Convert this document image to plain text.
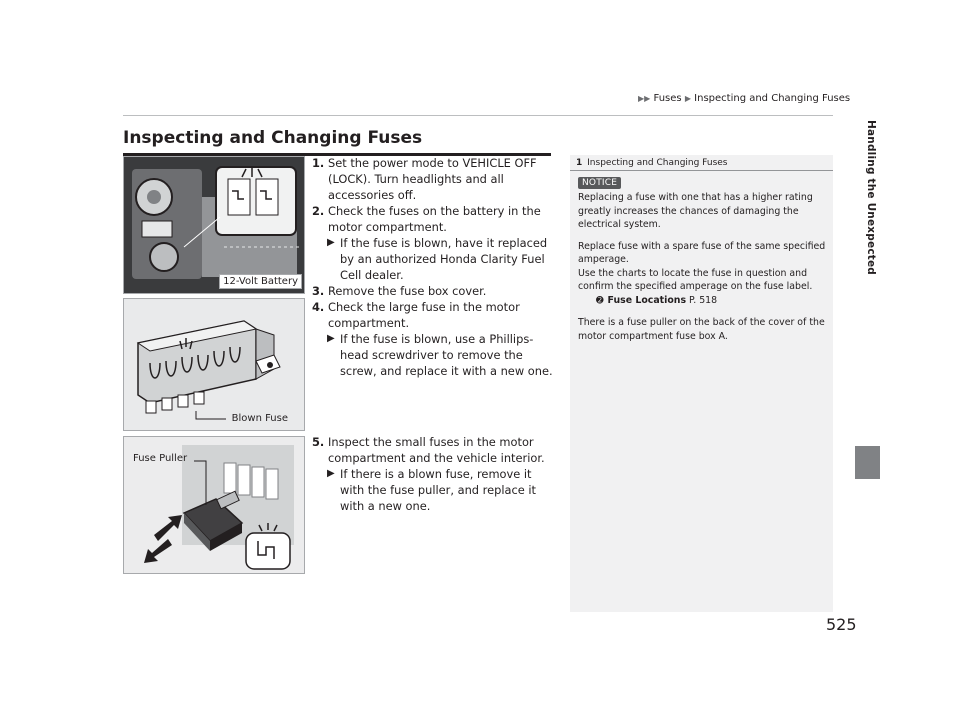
▶▶ Fuses ▶ Inspecting and Changing Fuses
Inspecting and Changing Fuses	Handling the Unexpected
12-Volt Battery
Blown Fuse
Fuse Puller

1. Set the power mode to VEHICLE OFF (LOCK). Turn headlights and all accessories off.

2. Check the fuses on the battery in the motor compartment.

▶ If the fuse is blown, have it replaced by an authorized Honda Clarity Fuel Cell dealer.

3. Remove the fuse box cover.

4. Check the large fuse in the motor compartment.

▶ If the fuse is blown, use a Phillips-head screwdriver to remove the screw, and replace it with a new one.

5. Inspect the small fuses in the motor compartment and the vehicle interior.

▶ If there is a blown fuse, remove it with the fuse puller, and replace it with a new one.

1 Inspecting and Changing Fuses
NOTICE

Replacing a fuse with one that has a higher rating greatly increases the chances of damaging the electrical system.

Replace fuse with a spare fuse of the same specified amperage.

Use the charts to locate the fuse in question and confirm the specified amperage on the fuse label.

➋ Fuse Locations P. 518

There is a fuse puller on the back of the cover of the motor compartment fuse box A.

525
